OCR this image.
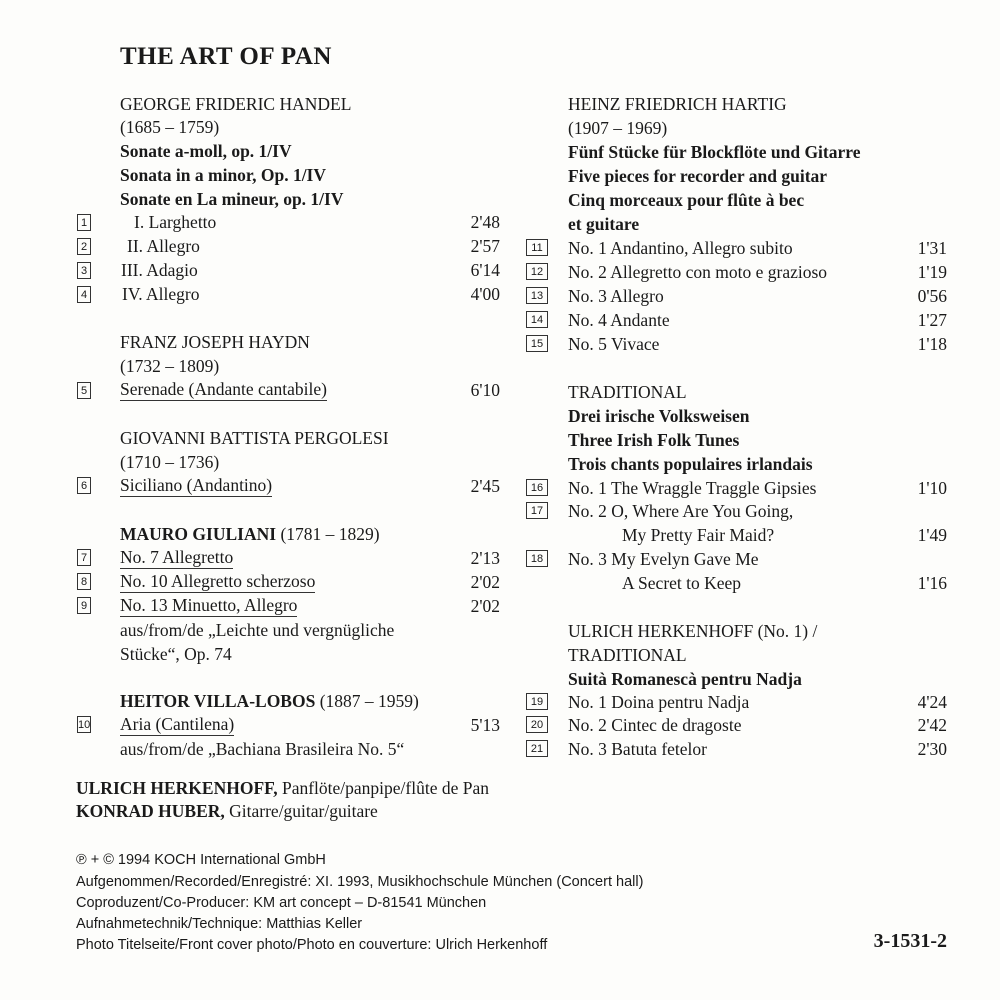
THE ART OF PAN
GEORGE FRIDERIC HANDEL
(1685 – 1759)
Sonate a-moll, op. 1/IV
Sonata in a minor, Op. 1/IV
Sonate en La mineur, op. 1/IV
1	I. Larghetto	2'48
2 II. Allegro	2'57
3 III. Adagio	6'14
4 IV. Allegro	4'00
FRANZ JOSEPH HAYDN
(1732 – 1809)
5 Serenade (Andante cantabile)	6'10
GIOVANNI BATTISTA PERGOLESI
(1710 – 1736)
6 Siciliano (Andantino)	2'45
MAURO GIULIANI (1781 – 1829)
7 No. 7 Allegretto	2'13
8 No. 10 Allegretto scherzoso	2'02
9 No. 13 Minuetto, Allegro	2'02
aus/from/de „Leichte und vergnügliche
Stücke“, Op. 74
HEITOR VILLA-LOBOS (1887 – 1959)
10 Aria (Cantilena)	5'13
aus/from/de „Bachiana Brasileira No. 5“
HEINZ FRIEDRICH HARTIG
(1907 – 1969)
Fünf Stücke für Blockflöte und Gitarre
Five pieces for recorder and guitar
Cinq morceaux pour flûte à bec
et guitare
11	No. 1 Andantino, Allegro subito	1'31
12 No. 2 Allegretto con moto e grazioso	1'19
13 No. 3 Allegro	0'56
14 No. 4 Andante	1'27
15 No. 5 Vivace	1'18
TRADITIONAL
Drei irische Volksweisen
Three Irish Folk Tunes
Trois chants populaires irlandais
16 No. 1 The Wraggle Traggle Gipsies	1'10
17 No. 2 O, Where Are You Going,
My Pretty Fair Maid?	1'49
18 No. 3 My Evelyn Gave Me
A Secret to Keep	1'16
ULRICH HERKENHOFF (No. 1) /
TRADITIONAL
Suità Romanescà pentru Nadja
19 No. 1 Doina pentru Nadja	4'24
20 No. 2 Cintec de dragoste	2'42
21 No. 3 Batuta fetelor	2'30
ULRICH HERKENHOFF, Panflöte/panpipe/flûte de Pan
KONRAD HUBER, Gitarre/guitar/guitare
℗ + © 1994 KOCH International GmbH
Aufgenommen/Recorded/Enregistré: XI. 1993, Musikhochschule München (Concert hall)
Coproduzent/Co-Producer: KM art concept – D-81541 München
Aufnahmetechnik/Technique: Matthias Keller
Photo Titelseite/Front cover photo/Photo en couverture: Ulrich Herkenhoff	3-1531-2
